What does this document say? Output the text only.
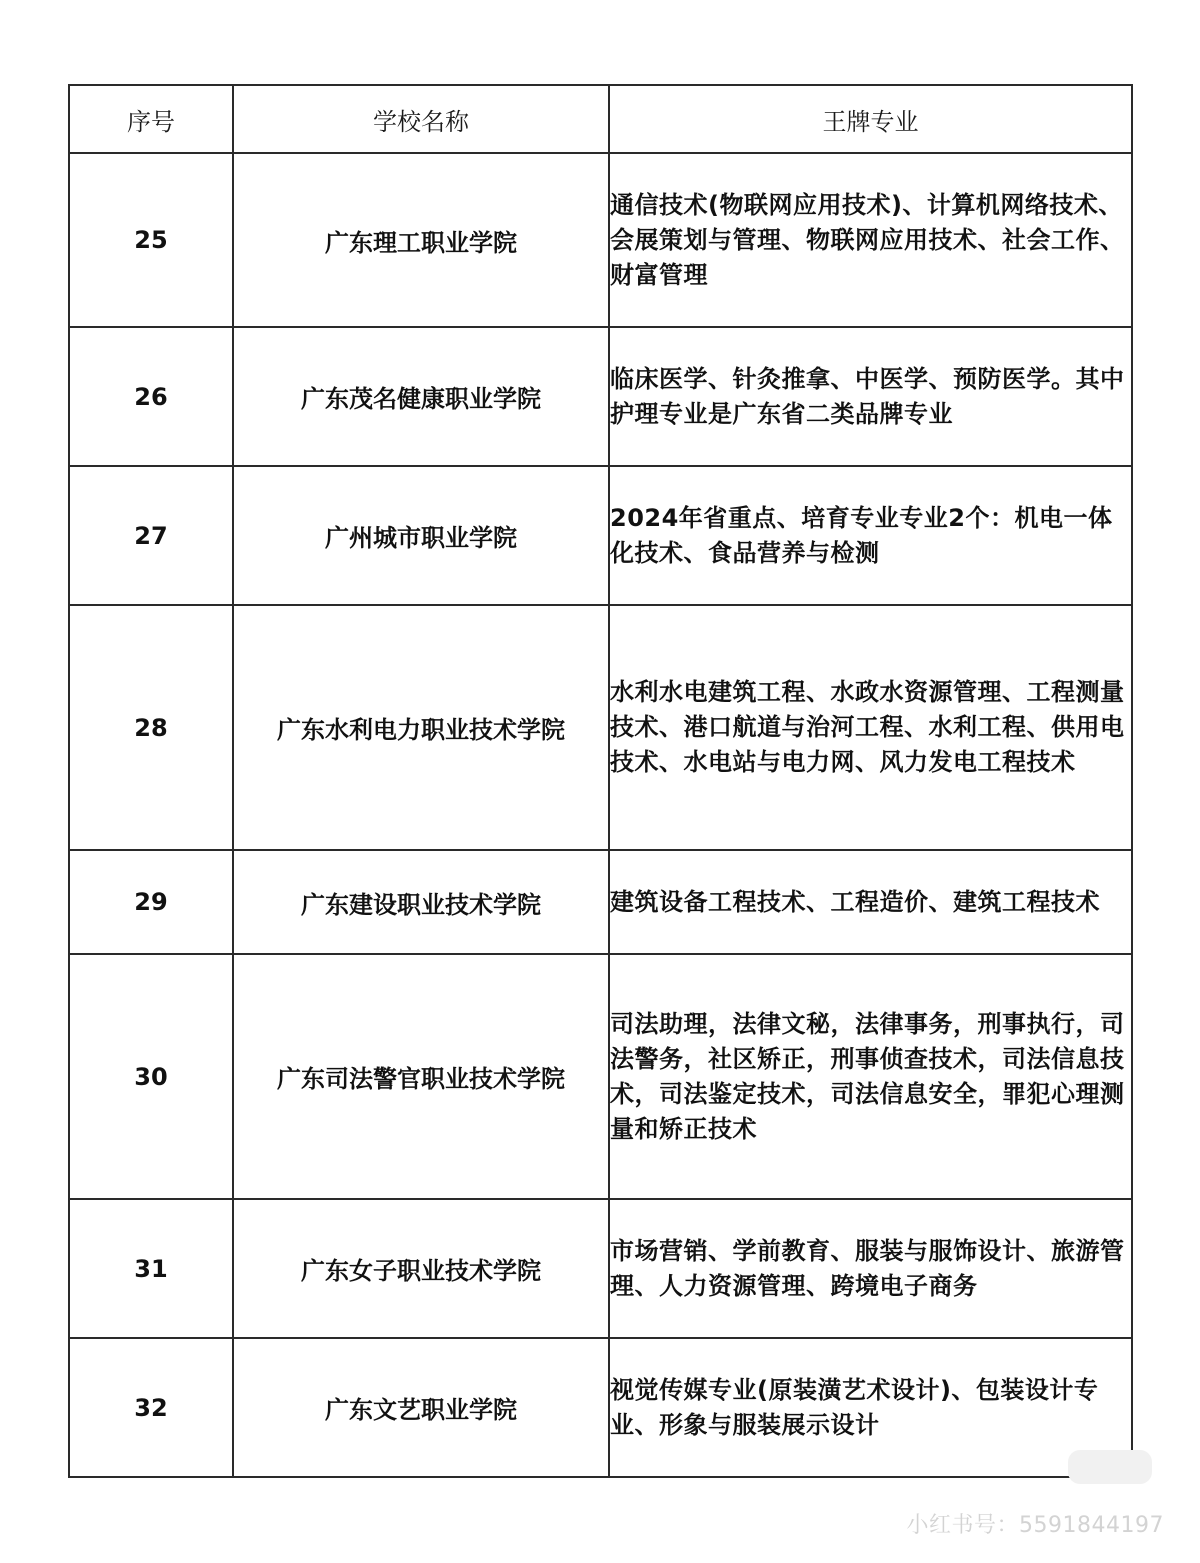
序号	学校名称	王牌专业
25	广东理工职业学院	通信技术(物联网应用技术)、计算机网络技术、会展策划与管理、物联网应用技术、社会工作、财富管理
26	广东茂名健康职业学院	临床医学、针灸推拿、中医学、预防医学。其中护理专业是广东省二类品牌专业
27	广州城市职业学院	2024年省重点、培育专业专业2个：机电一体化技术、食品营养与检测
28	广东水利电力职业技术学院	水利水电建筑工程、水政水资源管理、工程测量技术、港口航道与治河工程、水利工程、供用电技术、水电站与电力网、风力发电工程技术
29	广东建设职业技术学院	建筑设备工程技术、工程造价、建筑工程技术
30	广东司法警官职业技术学院	司法助理，法律文秘，法律事务，刑事执行，司法警务，社区矫正，刑事侦查技术，司法信息技术，司法鉴定技术，司法信息安全，罪犯心理测量和矫正技术
31	广东女子职业技术学院	市场营销、学前教育、服装与服饰设计、旅游管理、人力资源管理、跨境电子商务
32	广东文艺职业学院	视觉传媒专业(原装潢艺术设计)、包装设计专业、形象与服装展示设计
小红书号：5591844197
